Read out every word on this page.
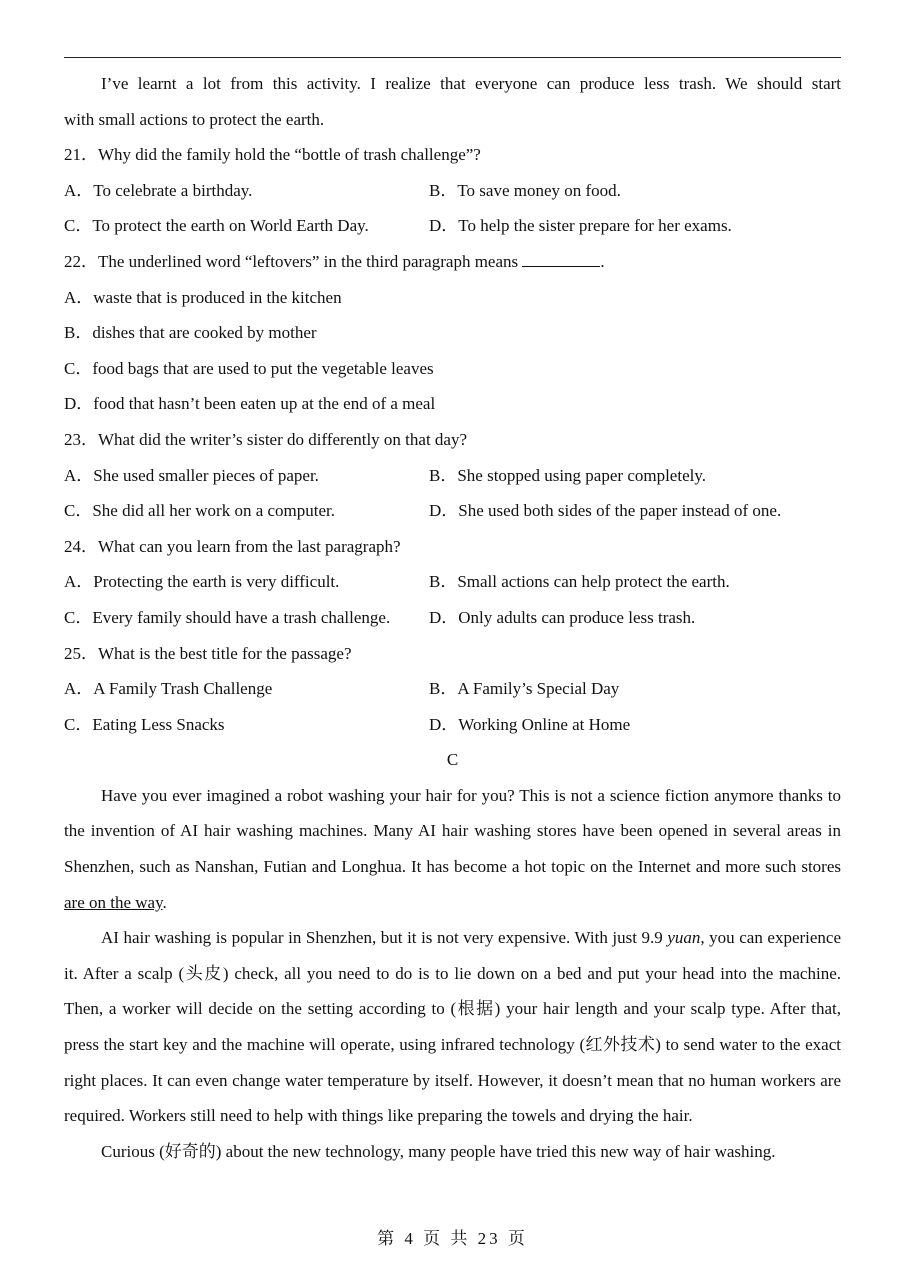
I’ve learnt a lot from this activity. I realize that everyone can produce less trash. We should start
with small actions to protect the earth.
21．Why did the family hold the “bottle of trash challenge”?
A．To celebrate a birthday.	B．To save money on food.
C．To protect the earth on World Earth Day.	D．To help the sister prepare for her exams.
22．The underlined word “leftovers” in the third paragraph means	.
A．waste that is produced in the kitchen
B．dishes that are cooked by mother
C．food bags that are used to put the vegetable leaves
D．food that hasn’t been eaten up at the end of a meal
23．What did the writer’s sister do differently on that day?
A．She used smaller pieces of paper.	B．She stopped using paper completely.
C．She did all her work on a computer.	D．She used both sides of the paper instead of one.
24．What can you learn from the last paragraph?
A．Protecting the earth is very difficult.	B．Small actions can help protect the earth.
C．Every family should have a trash challenge.	D．Only adults can produce less trash.
25．What is the best title for the passage?
A．A Family Trash Challenge	B．A Family’s Special Day
C．Eating Less Snacks	D．Working Online at Home
C
Have you ever imagined a robot washing your hair for you? This is not a science fiction anymore thanks to the invention of AI hair washing machines. Many AI hair washing stores have been opened in several areas in Shenzhen, such as Nanshan, Futian and Longhua. It has become a hot topic on the Internet and more such stores are on the way.
AI hair washing is popular in Shenzhen, but it is not very expensive. With just 9.9 yuan, you can experience it. After a scalp (头皮) check, all you need to do is to lie down on a bed and put your head into the machine. Then, a worker will decide on the setting according to (根据) your hair length and your scalp type. After that, press the start key and the machine will operate, using infrared technology (红外技术) to send water to the exact right places. It can even change water temperature by itself. However, it doesn’t mean that no human workers are required. Workers still need to help with things like preparing the towels and drying the hair.
Curious (好奇的) about the new technology, many people have tried this new way of hair washing.
第 4 页 共 23 页
